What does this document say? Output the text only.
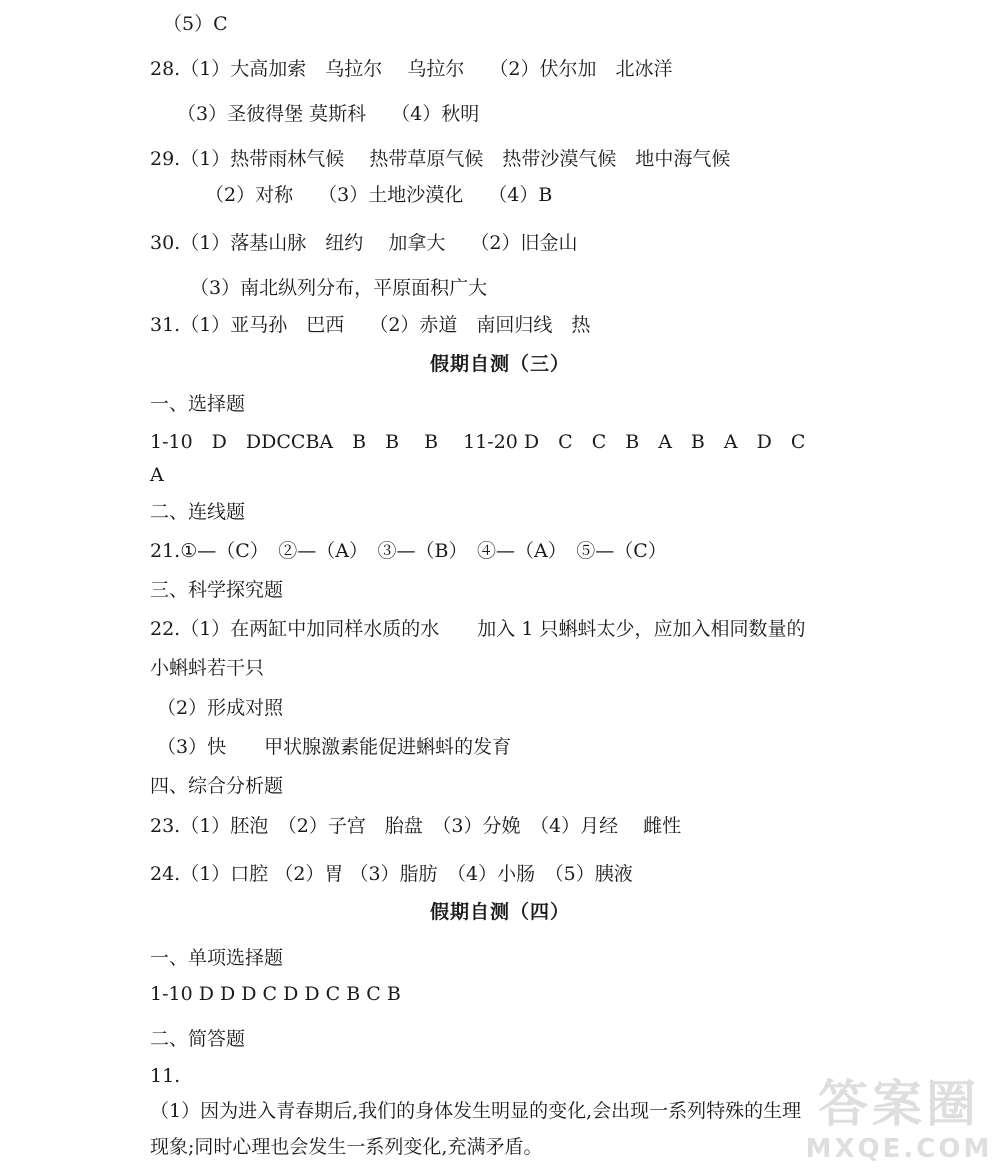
（5）C
28.（1）大高加索　乌拉尔　 乌拉尔　 （2）伏尔加　北冰洋
（3）圣彼得堡 莫斯科　 （4）秋明
29.（1）热带雨林气候　 热带草原气候　热带沙漠气候　地中海气候
（2）对称　 （3）土地沙漠化　 （4）B
30.（1）落基山脉　纽约　 加拿大　 （2）旧金山
（3）南北纵列分布，平原面积广大
31.（1）亚马孙　巴西　 （2）赤道　南回归线　热
假期自测（三）
一、选择题
1-10　D　DDCCBA　B　B　 B　 11-20 D　C　C　B　A　B　A　D　C
A
二、连线题
21.①—（C）　②—（A）　③—（B）　④—（A）　⑤—（C）
三、科学探究题
22.（1）在两缸中加同样水质的水　　加入 1 只蝌蚪太少，应加入相同数量的
小蝌蚪若干只
（2）形成对照
（3）快　　甲状腺激素能促进蝌蚪的发育
四、综合分析题
23.（1）胚泡　（2）子宫　胎盘　（3）分娩　（4）月经　 雌性
24.（1）口腔 （2）胃 （3）脂肪　（4）小肠　（5）胰液
假期自测（四）
一、单项选择题
1-10 D D D C D D C B C B
二、简答题
11.
（1）因为进入青春期后,我们的身体发生明显的变化,会出现一系列特殊的生理
现象;同时心理也会发生一系列变化,充满矛盾。
答案圈
MXQE.COM
